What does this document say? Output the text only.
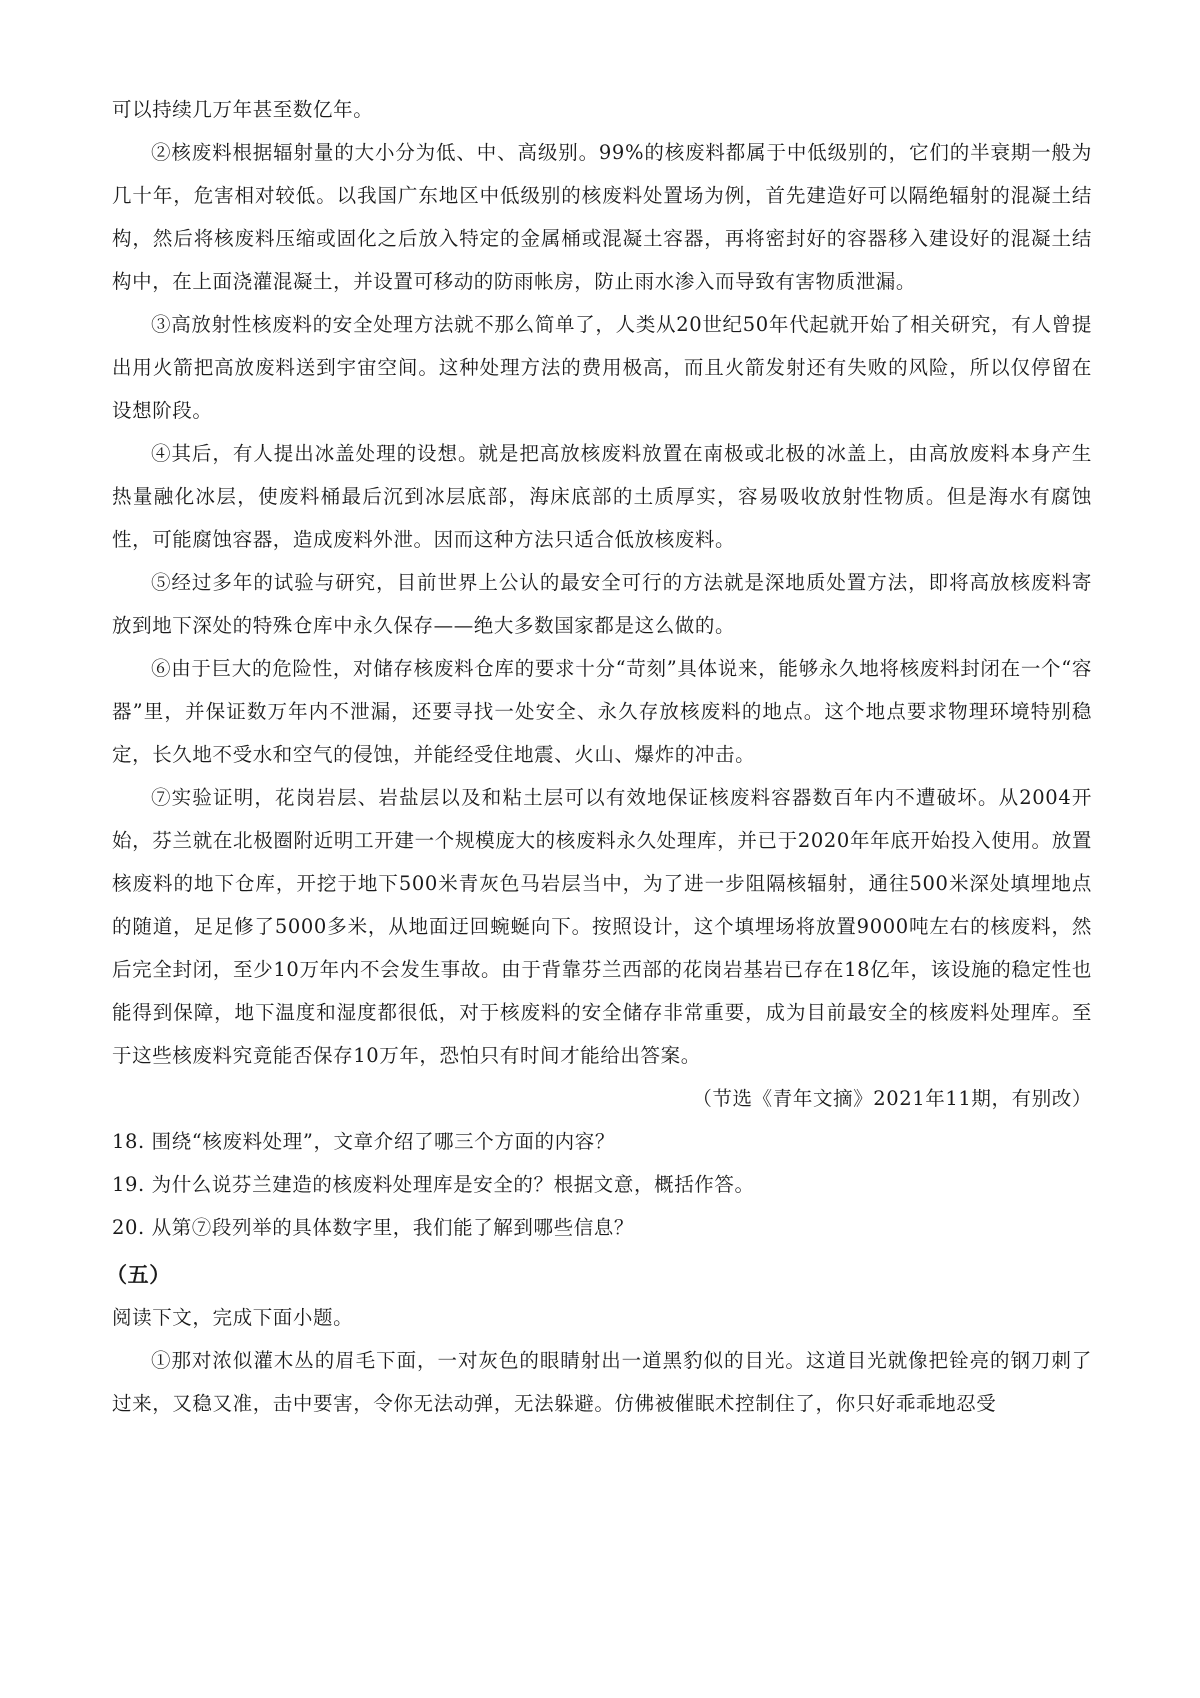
可以持续几万年甚至数亿年。

②核废料根据辐射量的大小分为低、中、高级别。99%的核废料都属于中低级别的，它们的半衰期一般为几十年，危害相对较低。以我国广东地区中低级别的核废料处置场为例，首先建造好可以隔绝辐射的混凝土结构，然后将核废料压缩或固化之后放入特定的金属桶或混凝土容器，再将密封好的容器移入建设好的混凝土结构中，在上面浇灌混凝土，并设置可移动的防雨帐房，防止雨水渗入而导致有害物质泄漏。

③高放射性核废料的安全处理方法就不那么简单了，人类从20世纪50年代起就开始了相关研究，有人曾提出用火箭把高放废料送到宇宙空间。这种处理方法的费用极高，而且火箭发射还有失败的风险，所以仅停留在设想阶段。

④其后，有人提出冰盖处理的设想。就是把高放核废料放置在南极或北极的冰盖上，由高放废料本身产生热量融化冰层，使废料桶最后沉到冰层底部，海床底部的土质厚实，容易吸收放射性物质。但是海水有腐蚀性，可能腐蚀容器，造成废料外泄。因而这种方法只适合低放核废料。

⑤经过多年的试验与研究，目前世界上公认的最安全可行的方法就是深地质处置方法，即将高放核废料寄放到地下深处的特殊仓库中永久保存——绝大多数国家都是这么做的。

⑥由于巨大的危险性，对储存核废料仓库的要求十分“苛刻”具体说来，能够永久地将核废料封闭在一个“容器”里，并保证数万年内不泄漏，还要寻找一处安全、永久存放核废料的地点。这个地点要求物理环境特别稳定，长久地不受水和空气的侵蚀，并能经受住地震、火山、爆炸的冲击。

⑦实验证明，花岗岩层、岩盐层以及和粘土层可以有效地保证核废料容器数百年内不遭破坏。从2004开始，芬兰就在北极圈附近明工开建一个规模庞大的核废料永久处理库，并已于2020年年底开始投入使用。放置核废料的地下仓库，开挖于地下500米青灰色马岩层当中，为了进一步阻隔核辐射，通往500米深处填埋地点的随道，足足修了5000多米，从地面迂回蜿蜒向下。按照设计，这个填埋场将放置9000吨左右的核废料，然后完全封闭，至少10万年内不会发生事故。由于背靠芬兰西部的花岗岩基岩已存在18亿年，该设施的稳定性也能得到保障，地下温度和湿度都很低，对于核废料的安全储存非常重要，成为目前最安全的核废料处理库。至于这些核废料究竟能否保存10万年，恐怕只有时间才能给出答案。

（节选《青年文摘》2021年11期，有别改）

18. 围绕“核废料处理”，文章介绍了哪三个方面的内容？

19. 为什么说芬兰建造的核废料处理库是安全的？根据文意，概括作答。

20. 从第⑦段列举的具体数字里，我们能了解到哪些信息？

（五）

阅读下文，完成下面小题。

①那对浓似灌木丛的眉毛下面，一对灰色的眼睛射出一道黑豹似的目光。这道目光就像把铨亮的钢刀刺了过来，又稳又准，击中要害，令你无法动弹，无法躲避。仿佛被催眠术控制住了，你只好乖乖地忍受
